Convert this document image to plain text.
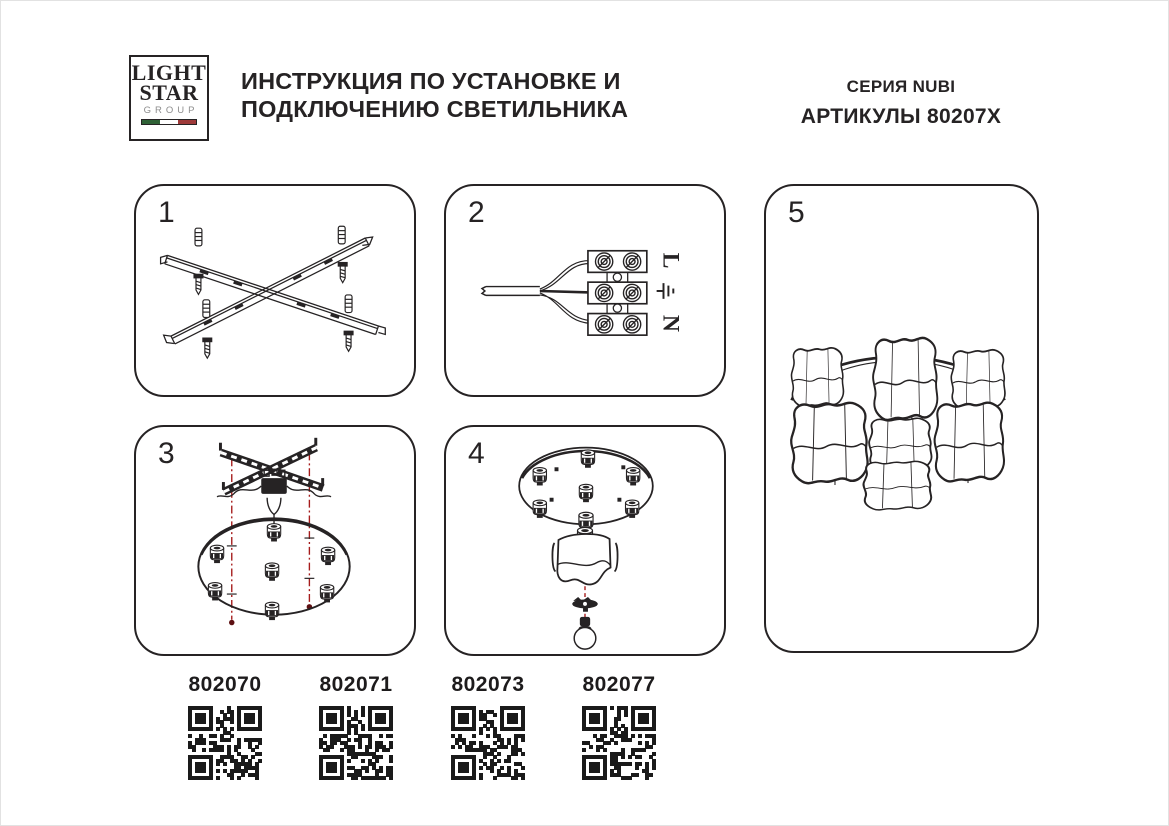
LIGHT
STAR
GROUP
ИНСТРУКЦИЯ ПО УСТАНОВКЕ И
ПОДКЛЮЧЕНИЮ СВЕТИЛЬНИКА
СЕРИЯ NUBI
АРТИКУЛЫ 80207X
1	2
L
N
3	4
5
802070	802071	802073	802077
